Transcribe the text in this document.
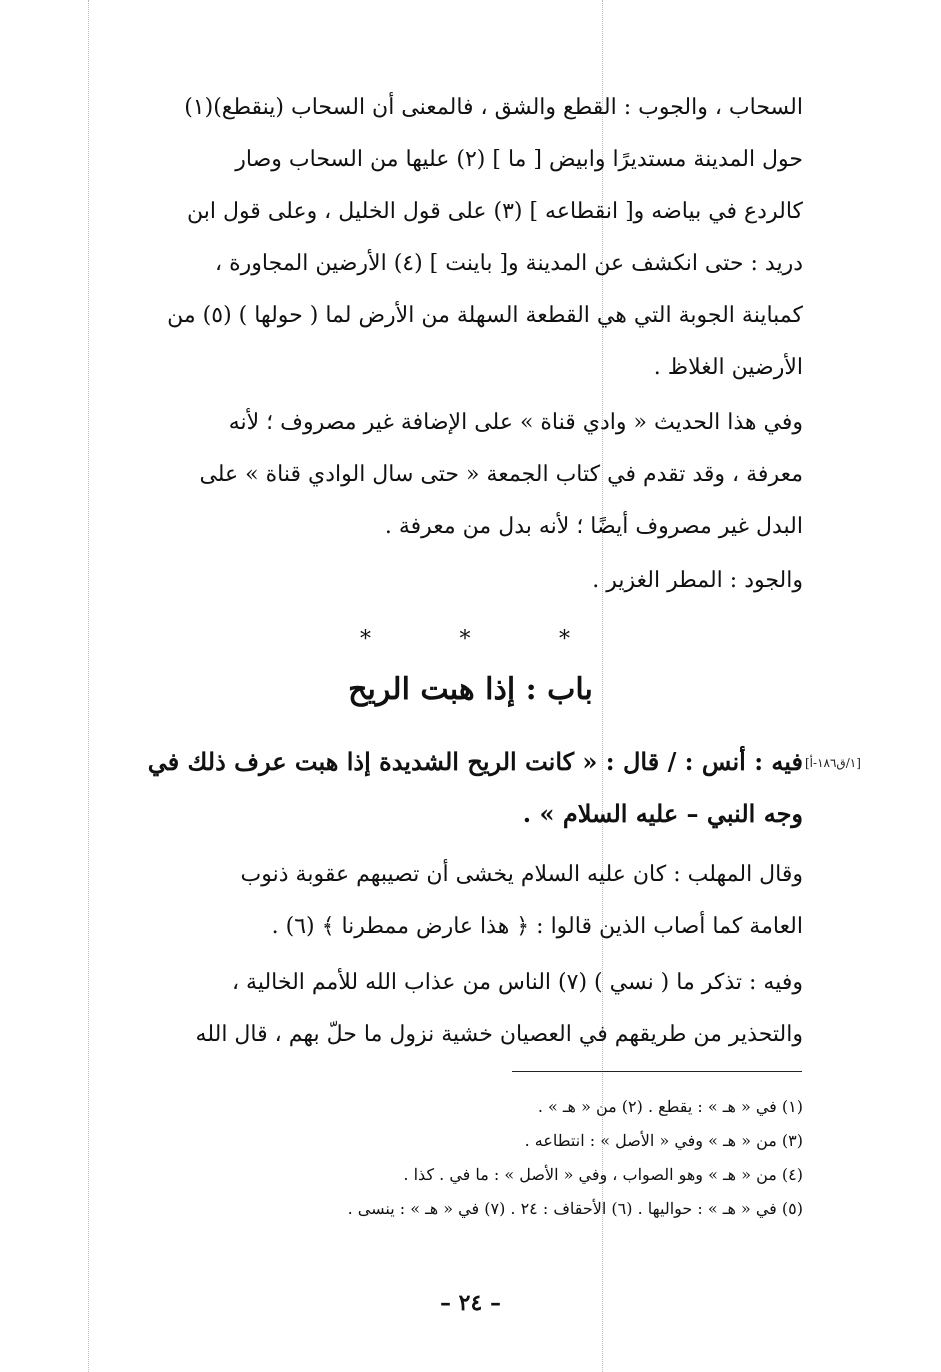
السحاب ، والجوب : القطع والشق ، فالمعنى أن السحاب (ينقطع)(١)
حول المدينة مستديرًا وابيض [ ما ] (٢) عليها من السحاب وصار
كالردع في بياضه و[ انقطاعه ] (٣) على قول الخليل ، وعلى قول ابن
دريد : حتى انكشف عن المدينة و[ باينت ] (٤) الأرضين المجاورة ،
كمباينة الجوبة التي هي القطعة السهلة من الأرض لما ( حولها ) (٥) من
الأرضين الغلاظ .
وفي هذا الحديث « وادي قناة » على الإضافة غير مصروف ؛ لأنه
معرفة ، وقد تقدم في كتاب الجمعة « حتى سال الوادي قناة » على
البدل غير مصروف أيضًا ؛ لأنه بدل من معرفة .
والجود : المطر الغزير .
*	*	*
باب : إذا هبت الريح
[١/ق١٨٦-أ]
فيه : أنس : / قال : « كانت الريح الشديدة إذا هبت عرف ذلك في
وجه النبي – عليه السلام » .
وقال المهلب : كان عليه السلام يخشى أن تصيبهم عقوبة ذنوب
العامة كما أصاب الذين قالوا : ﴿ هذا عارض ممطرنا ﴾ (٦) .
وفيه : تذكر ما ( نسي ) (٧) الناس من عذاب الله للأمم الخالية ،
والتحذير من طريقهم في العصيان خشية نزول ما حلّ بهم ، قال الله
(١) في « هـ » : يقطع . (٢) من « هـ » .
(٣) من « هـ » وفي « الأصل » : انتطاعه .
(٤) من « هـ » وهو الصواب ، وفي « الأصل » : ما في . كذا .
(٥) في « هـ » : حواليها . (٦) الأحقاف : ٢٤ . (٧) في « هـ » : ينسى .
– ٢٤ –
